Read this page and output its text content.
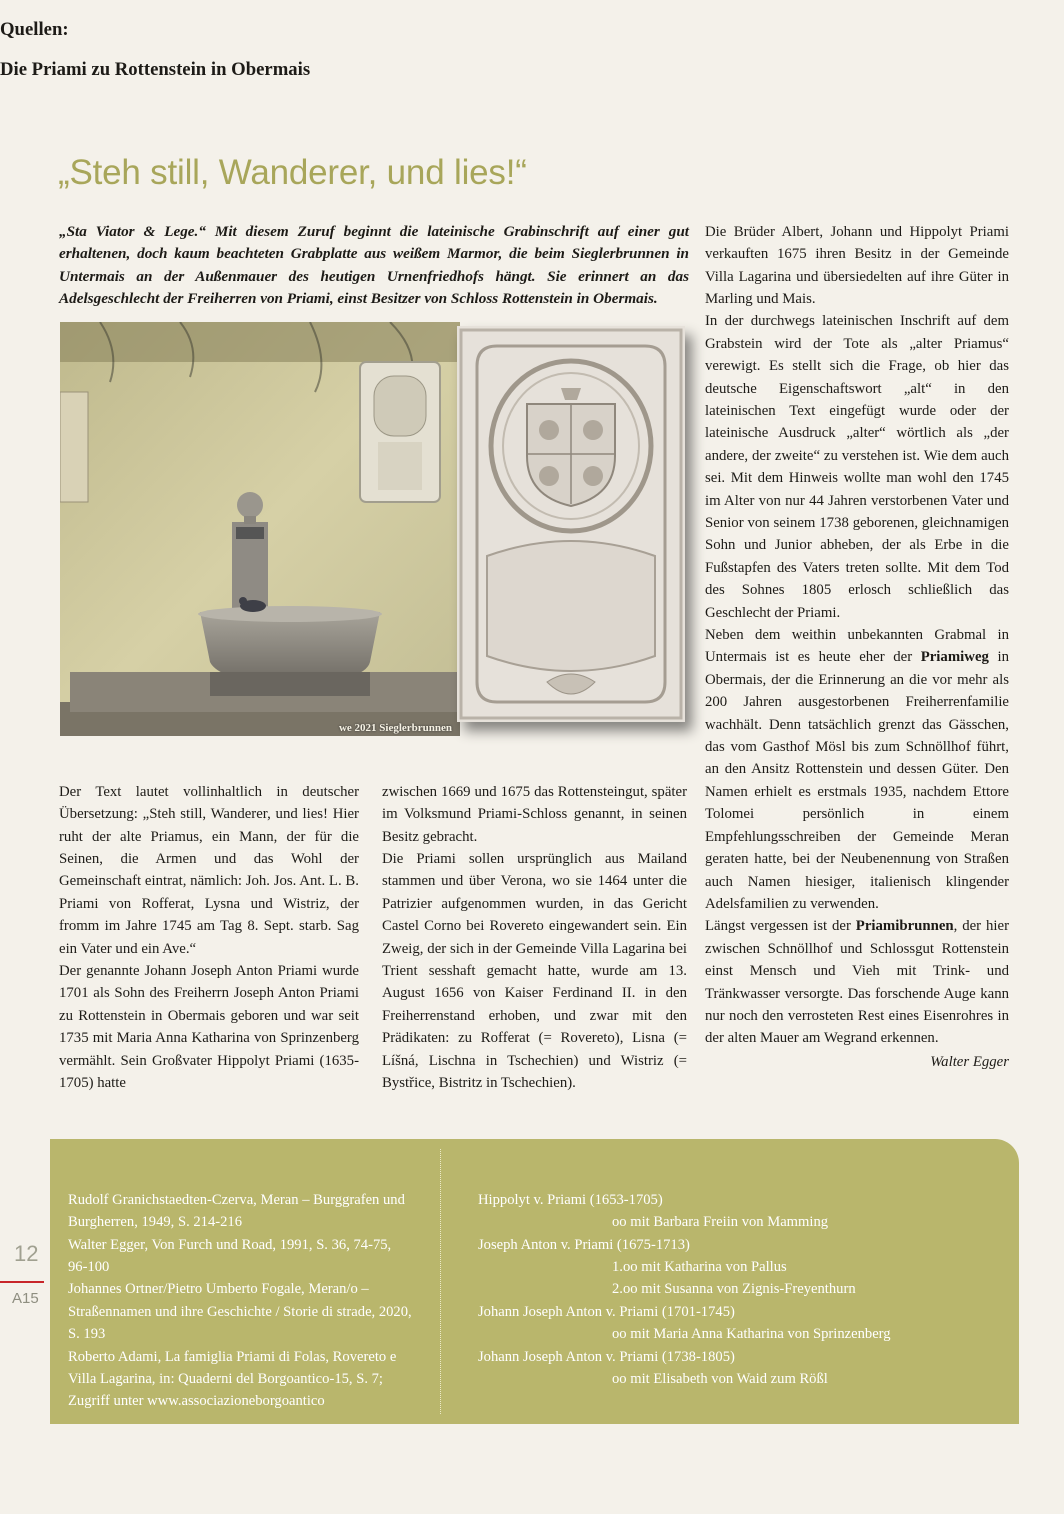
„Steh still, Wanderer, und lies!“

„Sta Viator & Lege.“ Mit diesem Zuruf beginnt die lateinische Grabinschrift auf einer gut erhaltenen, doch kaum beachteten Grabplatte aus weißem Marmor, die beim Sieglerbrunnen in Untermais an der Außenmauer des heutigen Urnenfriedhofs hängt. Sie erinnert an das Adelsgeschlecht der Freiherren von Priami, einst Besitzer von Schloss Rottenstein in Obermais.

we 2021 Sieglerbrunnen

Der Text lautet vollinhaltlich in deutscher Übersetzung: „Steh still, Wanderer, und lies! Hier ruht der alte Priamus, ein Mann, der für die Seinen, die Armen und das Wohl der Gemeinschaft eintrat, nämlich: Joh. Jos. Ant. L. B. Priami von Rofferat, Lysna und Wistriz, der fromm im Jahre 1745 am Tag 8. Sept. starb. Sag ein Vater und ein Ave.“

Der genannte Johann Joseph Anton Priami wurde 1701 als Sohn des Freiherrn Joseph Anton Priami zu Rottenstein in Obermais geboren und war seit 1735 mit Maria Anna Katharina von Sprinzenberg vermählt. Sein Großvater Hippolyt Priami (1635-1705) hatte

zwischen 1669 und 1675 das Rottensteingut, später im Volksmund Priami-Schloss genannt, in seinen Besitz gebracht.

Die Priami sollen ursprünglich aus Mailand stammen und über Verona, wo sie 1464 unter die Patrizier aufgenommen wurden, in das Gericht Castel Corno bei Rovereto eingewandert sein. Ein Zweig, der sich in der Gemeinde Villa Lagarina bei Trient sesshaft gemacht hatte, wurde am 13. August 1656 von Kaiser Ferdinand II. in den Freiherrenstand erhoben, und zwar mit den Prädikaten: zu Rofferat (= Rovereto), Lisna (= Líšná, Lischna in Tschechien) und Wistriz (= Bystřice, Bistritz in Tschechien).

Die Brüder Albert, Johann und Hippolyt Priami verkauften 1675 ihren Besitz in der Gemeinde Villa Lagarina und übersiedelten auf ihre Güter in Marling und Mais.

In der durchwegs lateinischen Inschrift auf dem Grabstein wird der Tote als „alter Priamus“ verewigt. Es stellt sich die Frage, ob hier das deutsche Eigenschaftswort „alt“ in den lateinischen Text eingefügt wurde oder der lateinische Ausdruck „alter“ wörtlich als „der andere, der zweite“ zu verstehen ist. Wie dem auch sei. Mit dem Hinweis wollte man wohl den 1745 im Alter von nur 44 Jahren verstorbenen Vater und Senior von seinem 1738 geborenen, gleichnamigen Sohn und Junior abheben, der als Erbe in die Fußstapfen des Vaters treten sollte. Mit dem Tod des Sohnes 1805 erlosch schließlich das Geschlecht der Priami.

Neben dem weithin unbekannten Grabmal in Untermais ist es heute eher der Priamiweg in Obermais, der die Erinnerung an die vor mehr als 200 Jahren ausgestorbenen Freiherrenfamilie wachhält. Denn tatsächlich grenzt das Gässchen, das vom Gasthof Mösl bis zum Schnöllhof führt, an den Ansitz Rottenstein und dessen Güter. Den Namen erhielt es erstmals 1935, nachdem Ettore Tolomei persönlich in einem Empfehlungsschreiben der Gemeinde Meran geraten hatte, bei der Neubenennung von Straßen auch Namen hiesiger, italienisch klingender Adelsfamilien zu verwenden.

Längst vergessen ist der Priamibrunnen, der hier zwischen Schnöllhof und Schlossgut Rottenstein einst Mensch und Vieh mit Trink- und Tränkwasser versorgte. Das forschende Auge kann nur noch den verrosteten Rest eines Eisenrohres in der alten Mauer am Wegrand erkennen.

Walter Egger

Quellen:
Rudolf Granichstaedten-Czerva, Meran – Burggrafen und Burgherren, 1949, S. 214-216
Walter Egger, Von Furch und Road, 1991, S. 36, 74-75, 96-100
Johannes Ortner/Pietro Umberto Fogale, Meran/o – Straßennamen und ihre Geschichte / Storie di strade, 2020, S. 193
Roberto Adami, La famiglia Priami di Folas, Rovereto e Villa Lagarina, in: Quaderni del Borgoantico-15, S. 7; Zugriff unter www.associazioneborgoantico
Die Priami zu Rottenstein in Obermais
Hippolyt v. Priami (1653-1705)
oo mit Barbara Freiin von Mamming
Joseph Anton v. Priami (1675-1713)
1.oo mit Katharina von Pallus
2.oo mit Susanna von Zignis-Freyenthurn
Johann Joseph Anton v. Priami (1701-1745)
oo mit Maria Anna Katharina von Sprinzenberg
Johann Joseph Anton v. Priami (1738-1805)
oo mit Elisabeth von Waid zum Rößl
12
A15
